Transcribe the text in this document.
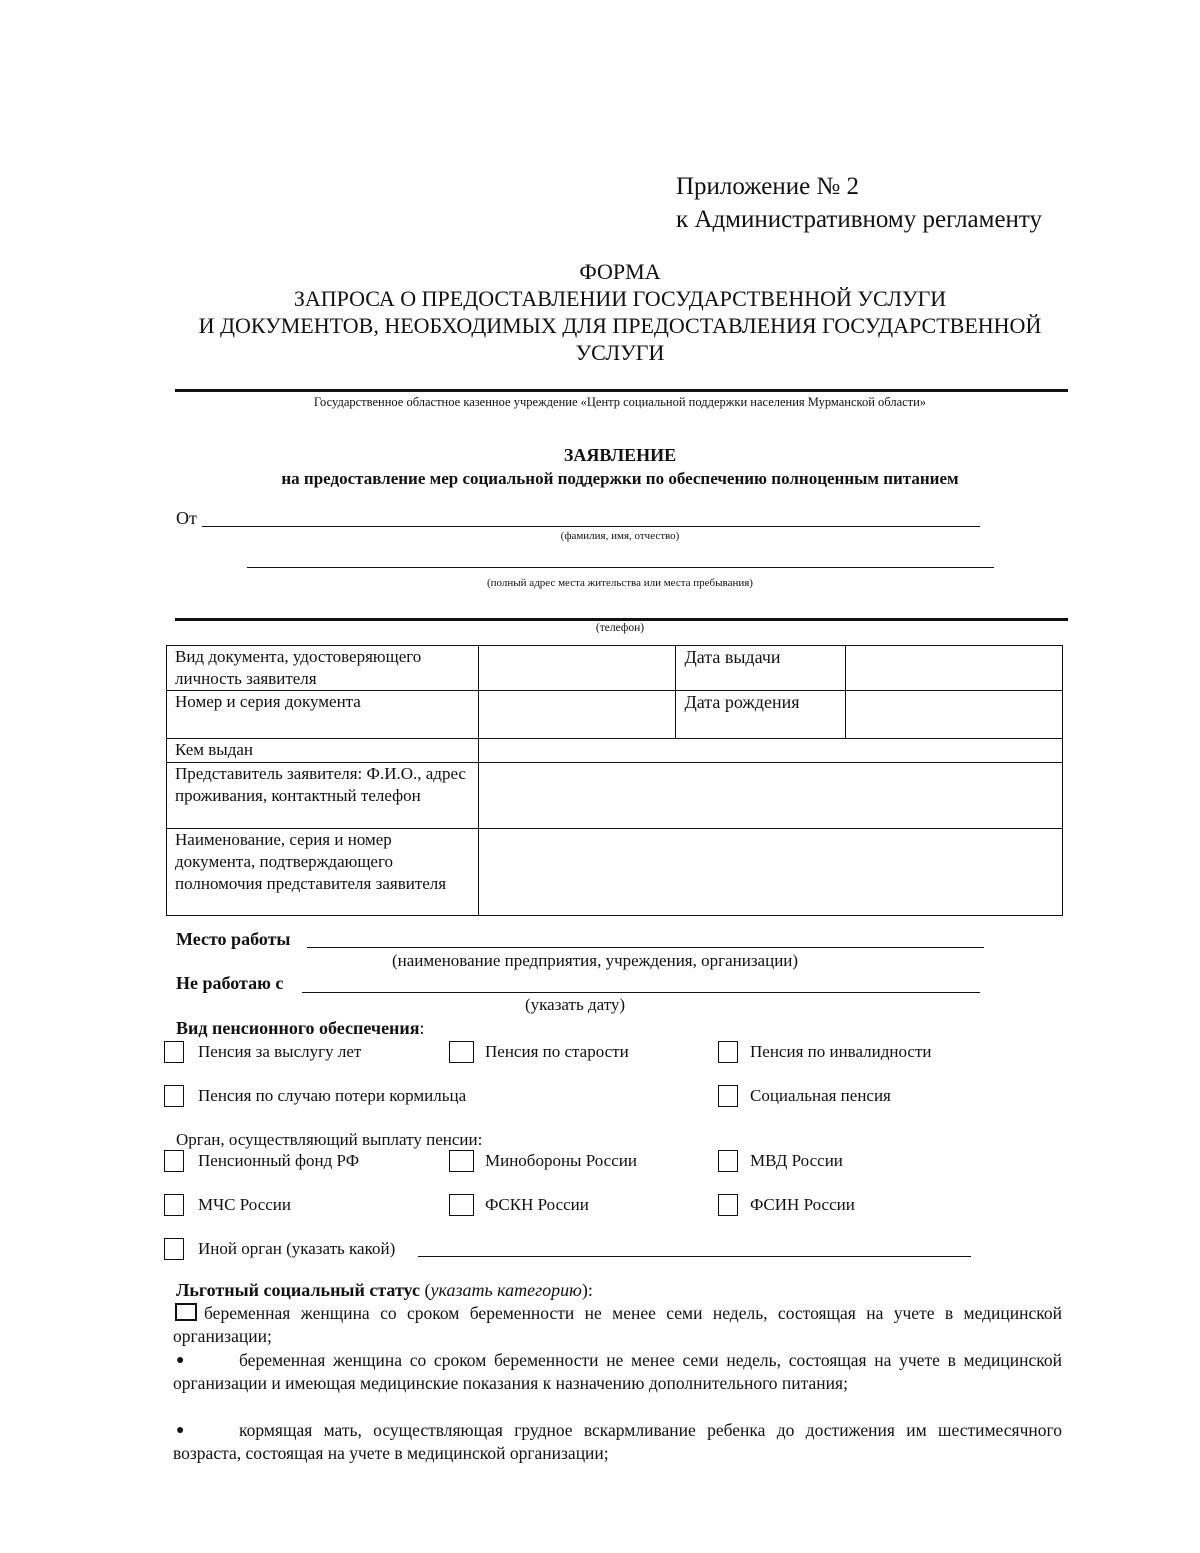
Приложение № 2
к Административному регламенту
ФОРМА
ЗАПРОСА О ПРЕДОСТАВЛЕНИИ ГОСУДАРСТВЕННОЙ УСЛУГИ
И ДОКУМЕНТОВ, НЕОБХОДИМЫХ ДЛЯ ПРЕДОСТАВЛЕНИЯ ГОСУДАРСТВЕННОЙ
УСЛУГИ
Государственное областное казенное учреждение «Центр социальной поддержки населения Мурманской области»
ЗАЯВЛЕНИЕ
на предоставление мер социальной поддержки по обеспечению полноценным питанием
От
(фамилия, имя, отчество)
(полный адрес места жительства или места пребывания)
(телефон)
Вид документа, удостоверяющего личность заявителя		Дата выдачи	
Номер и серия документа		Дата рождения	
Кем выдан			
Представитель заявителя: Ф.И.О., адрес проживания, контактный телефон			
Наименование, серия и номер документа, подтверждающего полномочия представителя заявителя			
Место работы
(наименование предприятия, учреждения, организации)
Не работаю с
(указать дату)
Вид пенсионного обеспечения:
Пенсия за выслугу лет	Пенсия по старости	Пенсия по инвалидности
Пенсия по случаю потери кормильца	Социальная пенсия
Орган, осуществляющий выплату пенсии:
Пенсионный фонд РФ	Минобороны России	МВД России
МЧС России	ФСКН России	ФСИН России
Иной орган (указать какой)
Льготный социальный статус (указать категорию):
беременная женщина со сроком беременности не менее семи недель, состоящая на учете в медицинской организации;
●	беременная женщина со сроком беременности не менее семи недель, состоящая на учете в медицинской организации и имеющая медицинские показания к назначению дополнительного питания;
●	кормящая мать, осуществляющая грудное вскармливание ребенка до достижения им шестимесячного возраста, состоящая на учете в медицинской организации;
